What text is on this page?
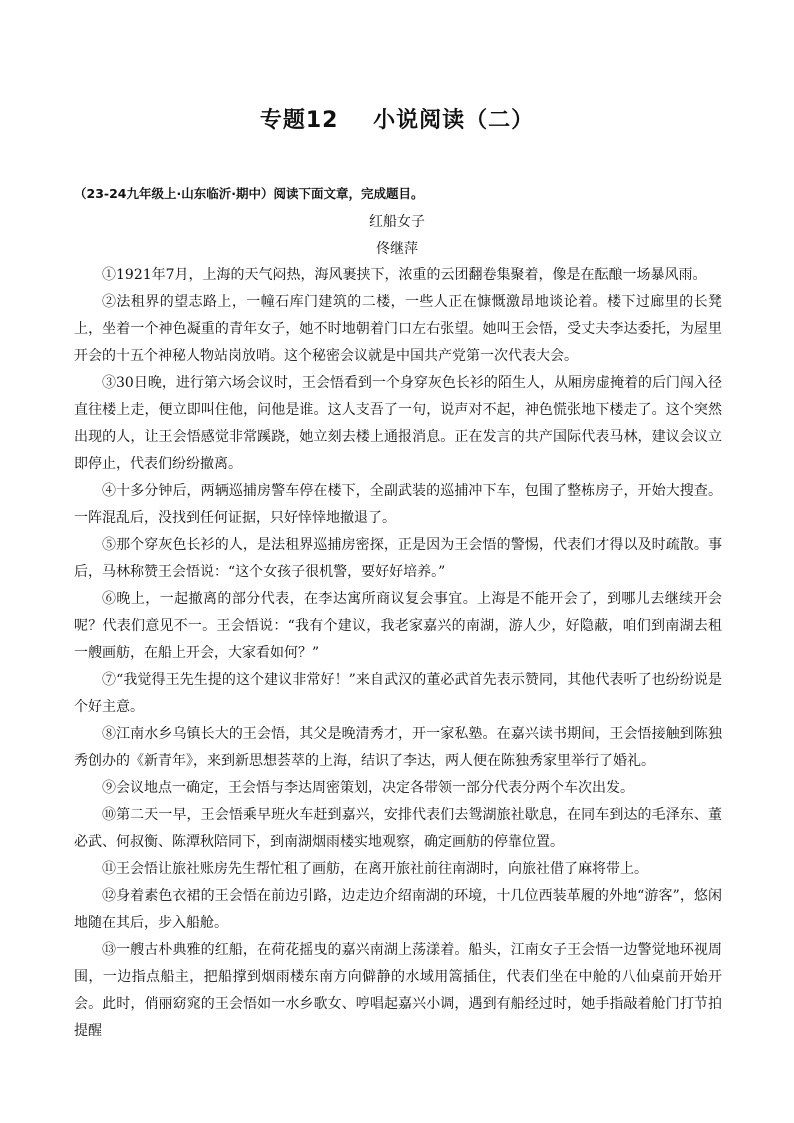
专题12    小说阅读（二）
（23-24九年级上·山东临沂·期中）阅读下面文章，完成题目。
红船女子
佟继萍

①1921年7月，上海的天气闷热，海风裹挟下，浓重的云团翻卷集聚着，像是在酝酿一场暴风雨。

②法租界的望志路上，一幢石库门建筑的二楼，一些人正在慷慨激昂地谈论着。楼下过廊里的长凳上，坐着一个神色凝重的青年女子，她不时地朝着门口左右张望。她叫王会悟，受丈夫李达委托，为屋里开会的十五个神秘人物站岗放哨。这个秘密会议就是中国共产党第一次代表大会。

③30日晚，进行第六场会议时，王会悟看到一个身穿灰色长衫的陌生人，从厢房虚掩着的后门闯入径直往楼上走，便立即叫住他，问他是谁。这人支吾了一句，说声对不起，神色慌张地下楼走了。这个突然出现的人，让王会悟感觉非常蹊跷，她立刻去楼上通报消息。正在发言的共产国际代表马林，建议会议立即停止，代表们纷纷撤离。

④十多分钟后，两辆巡捕房警车停在楼下，全副武装的巡捕冲下车，包围了整栋房子，开始大搜查。一阵混乱后，没找到任何证据，只好悻悻地撤退了。

⑤那个穿灰色长衫的人，是法租界巡捕房密探，正是因为王会悟的警惕，代表们才得以及时疏散。事后，马林称赞王会悟说：“这个女孩子很机警，要好好培养。”

⑥晚上，一起撤离的部分代表，在李达寓所商议复会事宜。上海是不能开会了，到哪儿去继续开会呢？代表们意见不一。王会悟说：“我有个建议，我老家嘉兴的南湖，游人少，好隐蔽，咱们到南湖去租一艘画舫，在船上开会，大家看如何？”

⑦“我觉得王先生提的这个建议非常好！”来自武汉的董必武首先表示赞同，其他代表听了也纷纷说是个好主意。

⑧江南水乡乌镇长大的王会悟，其父是晚清秀才，开一家私塾。在嘉兴读书期间，王会悟接触到陈独秀创办的《新青年》，来到新思想荟萃的上海，结识了李达，两人便在陈独秀家里举行了婚礼。

⑨会议地点一确定，王会悟与李达周密策划，决定各带领一部分代表分两个车次出发。

⑩第二天一早，王会悟乘早班火车赶到嘉兴，安排代表们去鸳湖旅社歇息，在同车到达的毛泽东、董必武、何叔衡、陈潭秋陪同下，到南湖烟雨楼实地观察，确定画舫的停靠位置。

⑪王会悟让旅社账房先生帮忙租了画舫，在离开旅社前往南湖时，向旅社借了麻将带上。

⑫身着素色衣裙的王会悟在前边引路，边走边介绍南湖的环境，十几位西装革履的外地“游客”，悠闲地随在其后，步入船舱。

⑬一艘古朴典雅的红船，在荷花摇曳的嘉兴南湖上荡漾着。船头，江南女子王会悟一边警觉地环视周围，一边指点船主，把船撑到烟雨楼东南方向僻静的水域用篙插住，代表们坐在中舱的八仙桌前开始开会。此时，俏丽窈窕的王会悟如一水乡歌女、哼唱起嘉兴小调，遇到有船经过时，她手指敲着舱门打节拍提醒
